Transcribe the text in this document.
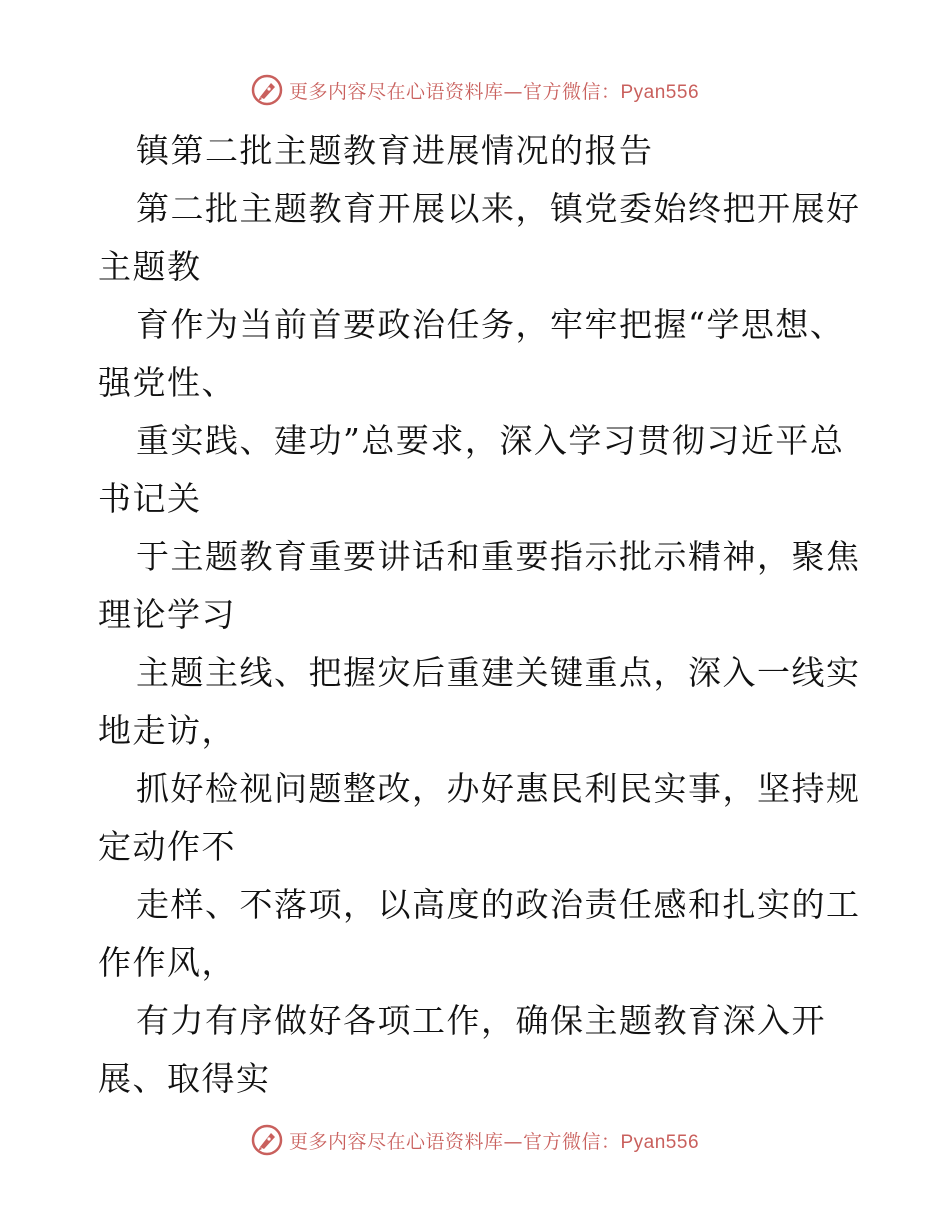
更多内容尽在心语资料库—官方微信：Pyan556
镇第二批主题教育进展情况的报告
第二批主题教育开展以来，镇党委始终把开展好
主题教
育作为当前首要政治任务，牢牢把握“学思想、
强党性、
重实践、建功”总要求，深入学习贯彻习近平总
书记关
于主题教育重要讲话和重要指示批示精神，聚焦
理论学习
主题主线、把握灾后重建关键重点，深入一线实
地走访，
抓好检视问题整改，办好惠民利民实事，坚持规
定动作不
走样、不落项，以高度的政治责任感和扎实的工
作作风，
有力有序做好各项工作，确保主题教育深入开
展、取得实
更多内容尽在心语资料库—官方微信：Pyan556
